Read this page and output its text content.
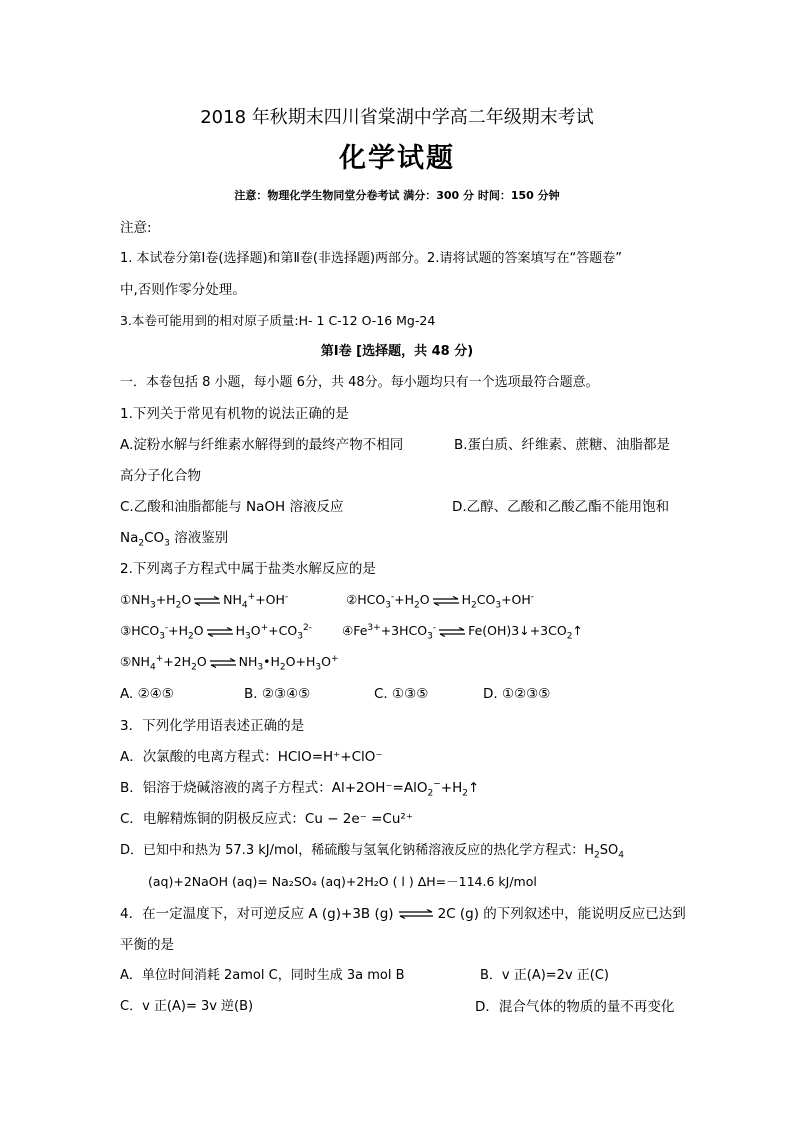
2018 年秋期末四川省棠湖中学高二年级期末考试
化学试题
注意：物理化学生物同堂分卷考试 满分：300 分 时间：150 分钟
注意:
1. 本试卷分第Ⅰ卷(选择题)和第Ⅱ卷(非选择题)两部分。2.请将试题的答案填写在“答题卷”
中,否则作零分处理。
3.本卷可能用到的相对原子质量:H- 1 C-12 O-16 Mg-24
第Ⅰ卷 [选择题，共 48 分)
一．本卷包括 8 小题，每小题 6分，共 48分。每小题均只有一个选项最符合题意。
1.下列关于常见有机物的说法正确的是
A.淀粉水解与纤维素水解得到的最终产物不相同	B.蛋白质、纤维素、蔗糖、油脂都是
高分子化合物
C.乙酸和油脂都能与 NaOH 溶液反应	D.乙醇、乙酸和乙酸乙酯不能用饱和
$Na_2CO_3$ 溶液鉴别
2.下列离子方程式中属于盐类水解反应的是
$①NH_3+H_2O$ ⇌ $NH_4^++OH^-$	$②HCO_3^-+H_2O$ ⇌ $H_2CO_3+OH^-$
$③HCO_3^-+H_2O$ ⇌ $H_3O^++CO_3^{2-}$ $④Fe^{3+}+3HCO_3^-$ ⇌ $Fe(OH)3↓+3CO_2↑$
$⑤NH_4^++2H_2O$ ⇌ $NH_3•H_2O+H_3O^+$
A. ②④⑤	B. ②③④⑤	C. ①③⑤	D. ①②③⑤
3．下列化学用语表述正确的是
A．次氯酸的电离方程式：HClO=H⁺+ClO⁻
B．铝溶于烧碱溶液的离子方程式：$Al+2OH^-=AlO_2^-+H_2↑$
C．电解精炼铜的阴极反应式：Cu − 2e⁻ =Cu²⁺
D．已知中和热为 57.3 kJ/mol，稀硫酸与氢氧化钠稀溶液反应的热化学方程式：$H_2SO_4$
(aq)+2NaOH (aq)= Na₂SO₄ (aq)+2H₂O ( l ) ΔH=－114.6 kJ/mol
4．在一定温度下，对可逆反应 A (g)+3B (g) ⇌ 2C (g) 的下列叙述中，能说明反应已达到
平衡的是
A．单位时间消耗 2amol C，同时生成 3a mol B	B．v 正(A)=2v 正(C)
C．v 正(A)= 3v 逆(B)	D．混合气体的物质的量不再变化
